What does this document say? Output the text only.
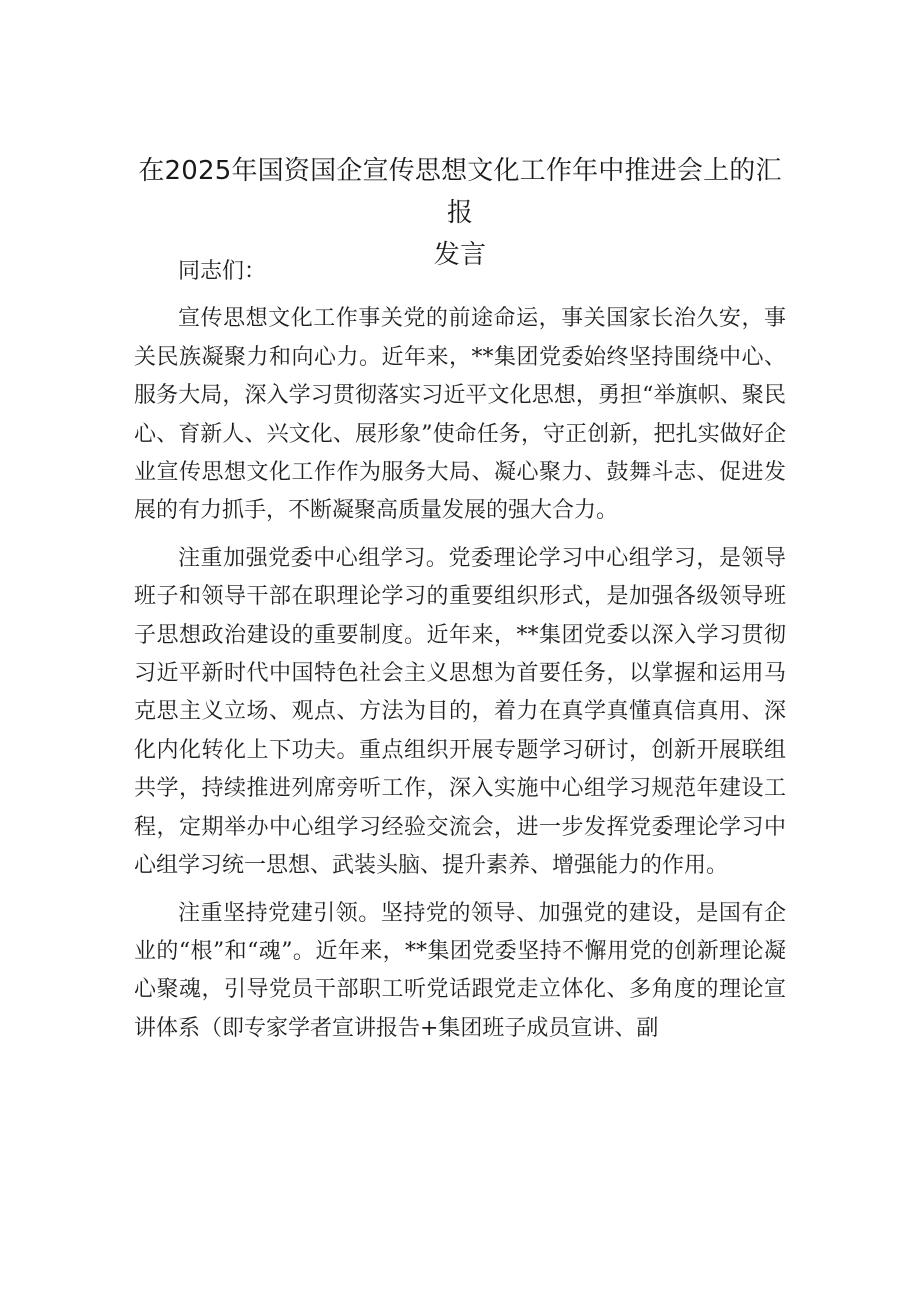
在2025年国资国企宣传思想文化工作年中推进会上的汇报
发言

同志们：

宣传思想文化工作事关党的前途命运，事关国家长治久安，事关民族凝聚力和向心力。近年来，**集团党委始终坚持围绕中心、服务大局，深入学习贯彻落实习近平文化思想，勇担“举旗帜、聚民心、育新人、兴文化、展形象”使命任务，守正创新，把扎实做好企业宣传思想文化工作作为服务大局、凝心聚力、鼓舞斗志、促进发展的有力抓手，不断凝聚高质量发展的强大合力。

注重加强党委中心组学习。党委理论学习中心组学习，是领导班子和领导干部在职理论学习的重要组织形式，是加强各级领导班子思想政治建设的重要制度。近年来，**集团党委以深入学习贯彻习近平新时代中国特色社会主义思想为首要任务，以掌握和运用马克思主义立场、观点、方法为目的，着力在真学真懂真信真用、深化内化转化上下功夫。重点组织开展专题学习研讨，创新开展联组共学，持续推进列席旁听工作，深入实施中心组学习规范年建设工程，定期举办中心组学习经验交流会，进一步发挥党委理论学习中心组学习统一思想、武装头脑、提升素养、增强能力的作用。

注重坚持党建引领。坚持党的领导、加强党的建设，是国有企业的“根”和“魂”。近年来，**集团党委坚持不懈用党的创新理论凝心聚魂，引导党员干部职工听党话跟党走立体化、多角度的理论宣讲体系（即专家学者宣讲报告+集团班子成员宣讲、副
